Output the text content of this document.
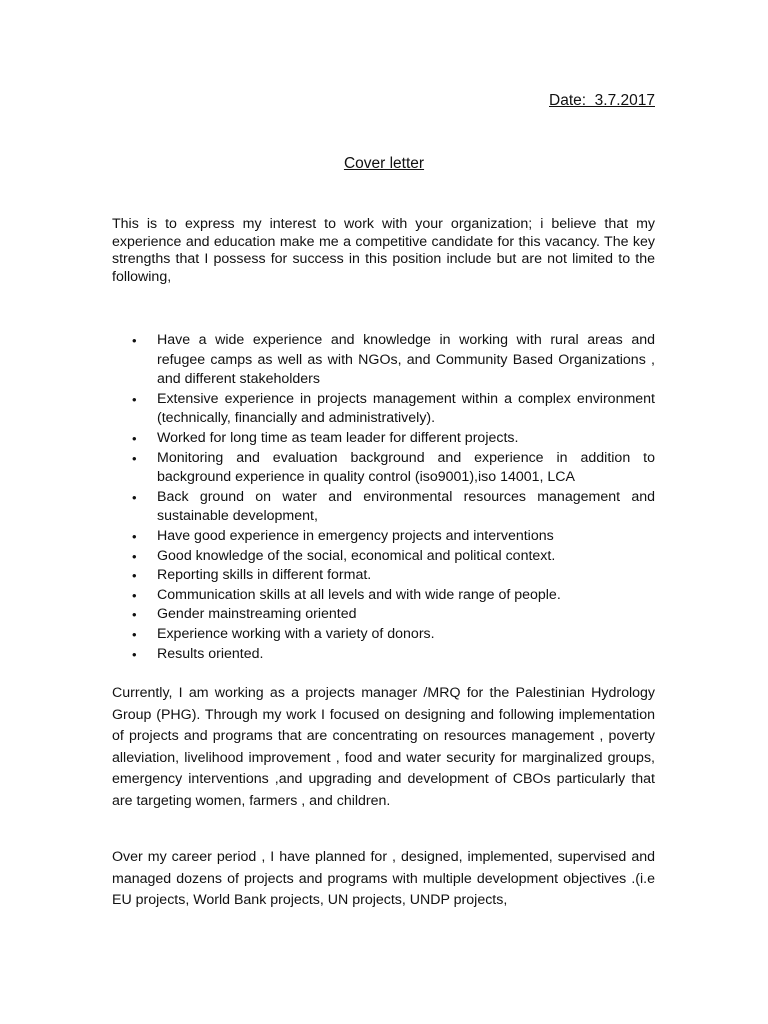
Date:  3.7.2017
Cover letter
This is to express my interest to work with your organization; i believe that my experience and education make me a competitive candidate for this vacancy. The key strengths that I possess for success in this position include but are not limited to the following,
• Have a wide experience and knowledge in working with rural areas and refugee camps as well as with NGOs, and Community Based Organizations , and different stakeholders
• Extensive experience in projects management within a complex environment (technically, financially and administratively).
• Worked for long time as team leader for different projects.
• Monitoring and evaluation background and experience in addition to background experience in quality control (iso9001),iso 14001, LCA
• Back ground on water and environmental resources management and sustainable development,
• Have good experience in emergency projects and interventions
• Good knowledge of the social, economical and political context.
• Reporting skills in different format.
• Communication skills at all levels and with wide range of people.
• Gender mainstreaming oriented
• Experience working with a variety of donors.
• Results oriented.
Currently, I am working as a projects manager /MRQ for the Palestinian Hydrology Group (PHG). Through my work I focused on designing and following implementation of projects and programs that are concentrating on resources management , poverty alleviation, livelihood improvement , food and water security for marginalized groups, emergency interventions ,and upgrading and development of CBOs particularly that are targeting women, farmers , and children.
Over my career period , I have planned for , designed, implemented, supervised and managed dozens of projects and programs with multiple development objectives .(i.e EU projects, World Bank projects, UN projects, UNDP projects,
